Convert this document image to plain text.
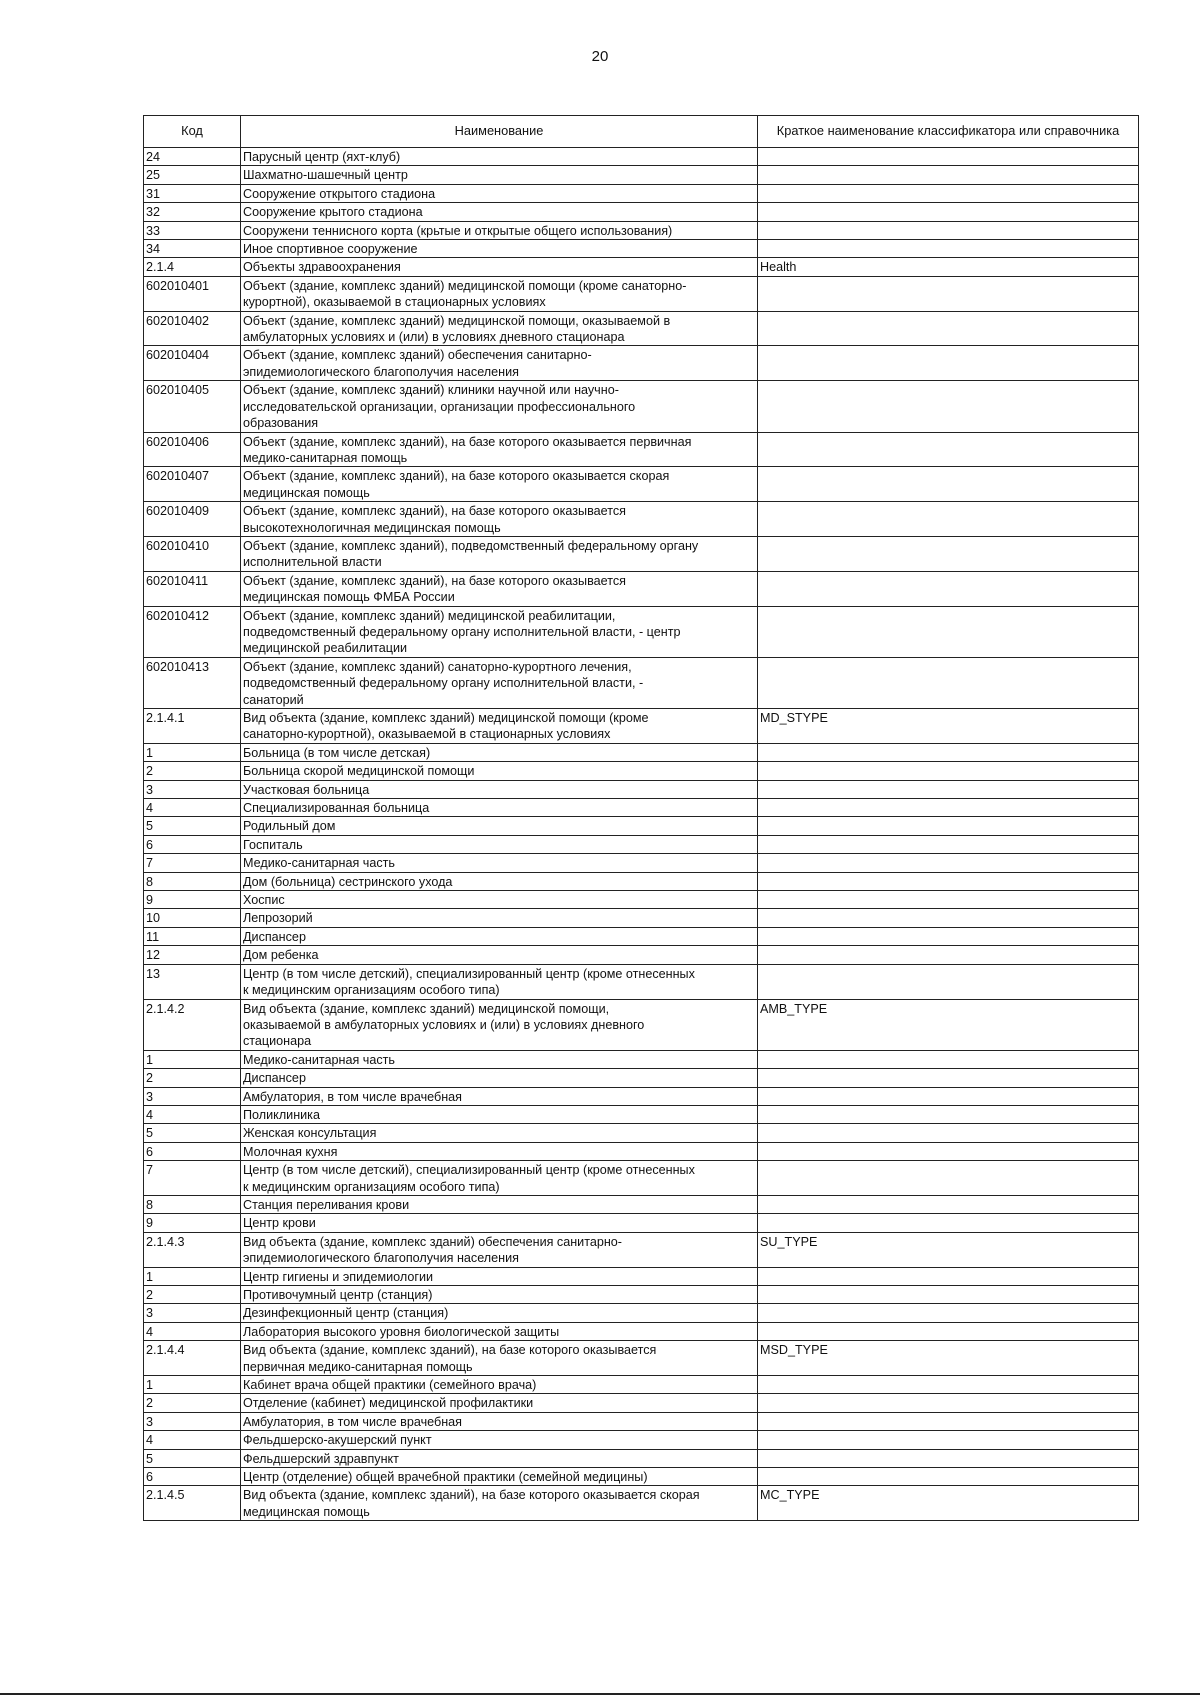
20
Код	Наименование	Краткое наименование классификатора или справочника
24	Парусный центр (яхт-клуб)	
25	Шахматно-шашечный центр	
31	Сооружение открытого стадиона	
32	Сооружение крытого стадиона	
33	Сооружени теннисного корта (крьтые и открытые общего использования)	
34	Иное спортивное сооружение	
2.1.4	Объекты здравоохранения	Health
602010401	Объект (здание, комплекс зданий) медицинской помощи (кроме санаторно-
курортной), оказываемой в стационарных условиях	
602010402	Объект (здание, комплекс зданий) медицинской помощи, оказываемой в
амбулаторных условиях и (или) в условиях дневного стационара	
602010404	Объект (здание, комплекс зданий) обеспечения санитарно-
эпидемиологического благополучия населения	
602010405	Объект (здание, комплекс зданий) клиники научной или научно-
исследовательской организации, организации профессионального
образования	
602010406	Объект (здание, комплекс зданий), на базе которого оказывается первичная
медико-санитарная помощь	
602010407	Объект (здание, комплекс зданий), на базе которого оказывается скорая
медицинская помощь	
602010409	Объект (здание, комплекс зданий), на базе которого оказывается
высокотехнологичная медицинская помощь	
602010410	Объект (здание, комплекс зданий), подведомственный федеральному органу
исполнительной власти	
602010411	Объект (здание, комплекс зданий), на базе которого оказывается
медицинская помощь ФМБА России	
602010412	Объект (здание, комплекс зданий) медицинской реабилитации,
подведомственный федеральному органу исполнительной власти, - центр
медицинской реабилитации	
602010413	Объект (здание, комплекс зданий) санаторно-курортного лечения,
подведомственный федеральному органу исполнительной власти, -
санаторий	
2.1.4.1	Вид объекта (здание, комплекс зданий) медицинской помощи (кроме
санаторно-курортной), оказываемой в стационарных условиях	MD_STYPE
1	Больница (в том числе детская)	
2	Больница скорой медицинской помощи	
3	Участковая больница	
4	Специализированная больница	
5	Родильный дом	
6	Госпиталь	
7	Медико-санитарная часть	
8	Дом (больница) сестринского ухода	
9	Хоспис	
10	Лепрозорий	
11	Диспансер	
12	Дом ребенка	
13	Центр (в том числе детский), специализированный центр (кроме отнесенных
к медицинским организациям особого типа)	
2.1.4.2	Вид объекта (здание, комплекс зданий) медицинской помощи,
оказываемой в амбулаторных условиях и (или) в условиях дневного
стационара	AMB_TYPE
1	Медико-санитарная часть	
2	Диспансер	
3	Амбулатория, в том числе врачебная	
4	Поликлиника	
5	Женская консультация	
6	Молочная кухня	
7	Центр (в том числе детский), специализированный центр (кроме отнесенных
к медицинским организациям особого типа)	
8	Станция переливания крови	
9	Центр крови	
2.1.4.3	Вид объекта (здание, комплекс зданий) обеспечения санитарно-
эпидемиологического благополучия населения	SU_TYPE
1	Центр гигиены и эпидемиологии	
2	Противочумный центр (станция)	
3	Дезинфекционный центр (станция)	
4	Лаборатория высокого уровня биологической защиты	
2.1.4.4	Вид объекта (здание, комплекс зданий), на базе которого оказывается
первичная медико-санитарная помощь	MSD_TYPE
1	Кабинет врача общей практики (семейного врача)	
2	Отделение (кабинет) медицинской профилактики	
3	Амбулатория, в том числе врачебная	
4	Фельдшерско-акушерский пункт	
5	Фельдшерский здравпункт	
6	Центр (отделение) общей врачебной практики (семейной медицины)	
2.1.4.5	Вид объекта (здание, комплекс зданий), на базе которого оказывается скорая
медицинская помощь	MC_TYPE
